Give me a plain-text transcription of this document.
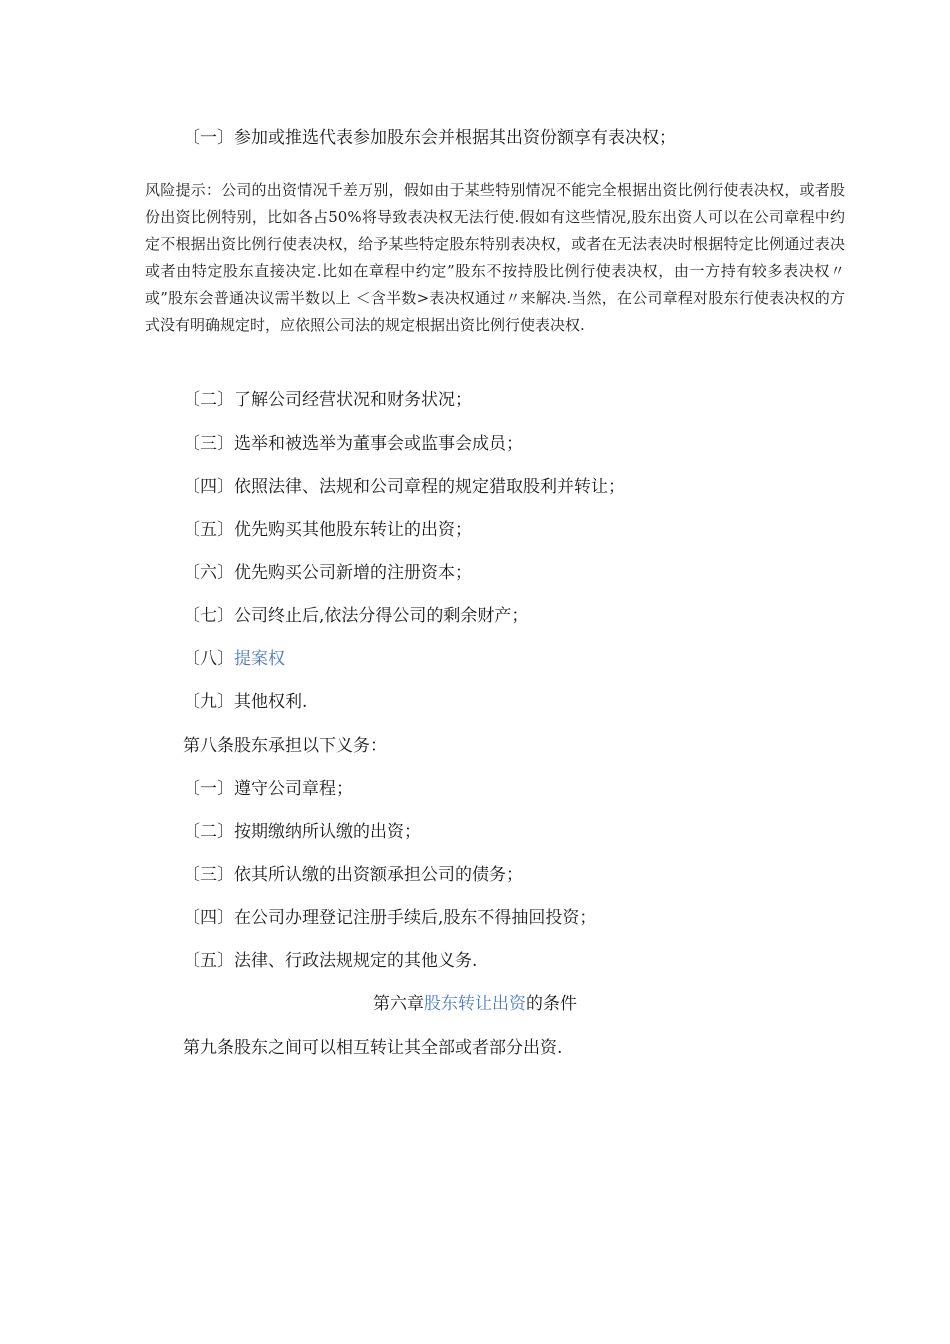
〔一〕参加或推选代表参加股东会并根据其出资份额享有表决权；
风险提示：公司的出资情况千差万别，假如由于某些特别情况不能完全根据出资比例行使表决权，或者股份出资比例特别，比如各占50%将导致表决权无法行使.假如有这些情况,股东出资人可以在公司章程中约定不根据出资比例行使表决权，给予某些特定股东特别表决权，或者在无法表决时根据特定比例通过表决或者由特定股东直接决定.比如在章程中约定”股东不按持股比例行使表决权，由一方持有较多表决权〃或”股东会普通决议需半数以上 ＜含半数>表决权通过〃来解决.当然，在公司章程对股东行使表决权的方式没有明确规定时，应依照公司法的规定根据出资比例行使表决权.
〔二〕了解公司经营状况和财务状况；
〔三〕选举和被选举为董事会或监事会成员；
〔四〕依照法律、法规和公司章程的规定猎取股利并转让；
〔五〕优先购买其他股东转让的出资；
〔六〕优先购买公司新增的注册资本；
〔七〕公司终止后,依法分得公司的剩余财产；
〔八〕提案权
〔九〕其他权利.
第八条股东承担以下义务：
〔一〕遵守公司章程；
〔二〕按期缴纳所认缴的出资；
〔三〕依其所认缴的出资额承担公司的债务；
〔四〕在公司办理登记注册手续后,股东不得抽回投资；
〔五〕法律、行政法规规定的其他义务.
第六章股东转让出资的条件
第九条股东之间可以相互转让其全部或者部分出资.
